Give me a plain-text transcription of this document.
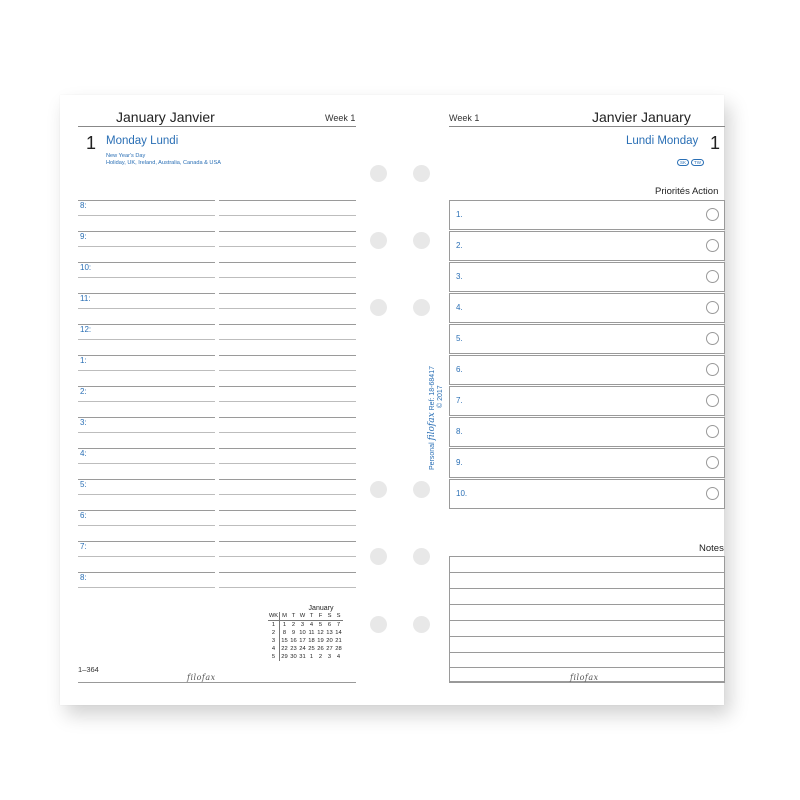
January Janvier	Week 1
1 Monday Lundi
New Year's Day
Holiday, UK, Ireland, Australia, Canada & USA
8:
9:
10:
11:
12:
1:
2:
3:
4:
5:
6:
7:
8:
January
WK	M	T	W	T	F	S	S
1	1	2	3	4	5	6	7
2	8	9	10	11	12	13	14
3	15	16	17	18	19	20	21
4	22	23	24	25	26	27	28
5	29	30	31	1	2	3	4
1–364
filofax
Personal filofax Ref: 18-68417
© 2017
Week 1	Janvier January
Lundi Monday 1
SK TW
Priorités Action
1.
2.
3.
4.
5.
6.
7.
8.
9.
10.
Notes
filofax
